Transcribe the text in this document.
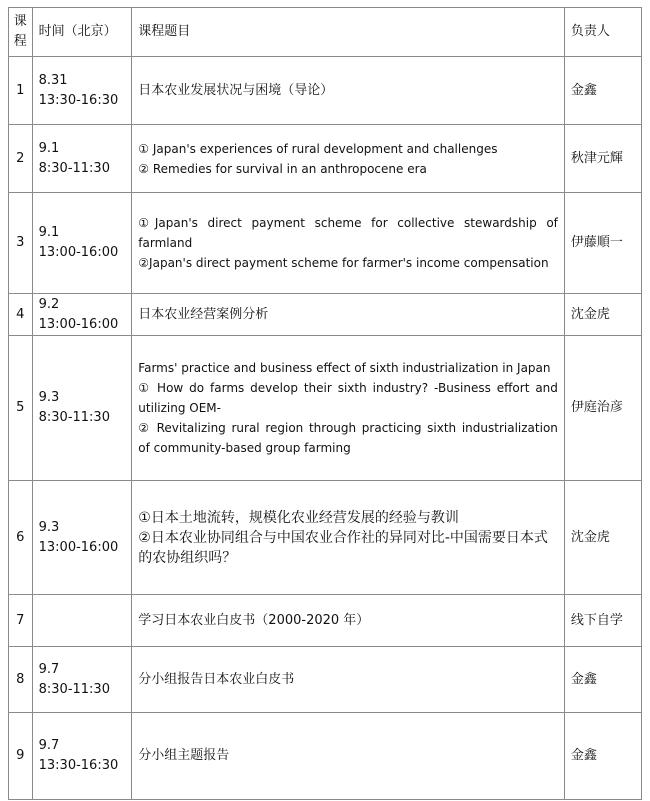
课
程	时间（北京）	课程题目	负责人
1	8.31
13:30-16:30	日本农业发展状况与困境（导论）	金鑫
2	9.1
8:30-11:30	① Japan's experiences of rural development and challenges
② Remedies for survival in an anthropocene era	秋津元輝
3	9.1
13:00-16:00	①Japan's direct payment scheme for collective stewardship of farmland
②Japan's direct payment scheme for farmer's income compensation	伊藤順一
4	9.2
13:00-16:00	日本农业经营案例分析	沈金虎
5	9.3
8:30-11:30	Farms' practice and business effect of sixth industrialization in Japan
① How do farms develop their sixth industry? -Business effort and utilizing OEM-
② Revitalizing rural region through practicing sixth industrialization of community-based group farming	伊庭治彦
6	9.3
13:00-16:00	①日本土地流转，规模化农业经营发展的经验与教训
②日本农业协同组合与中国农业合作社的异同对比-中国需要日本式的农协组织吗？	沈金虎
7		学习日本农业白皮书（2000-2020 年）	线下自学
8	9.7
8:30-11:30	分小组报告日本农业白皮书	金鑫
9	9.7
13:30-16:30	分小组主题报告	金鑫
